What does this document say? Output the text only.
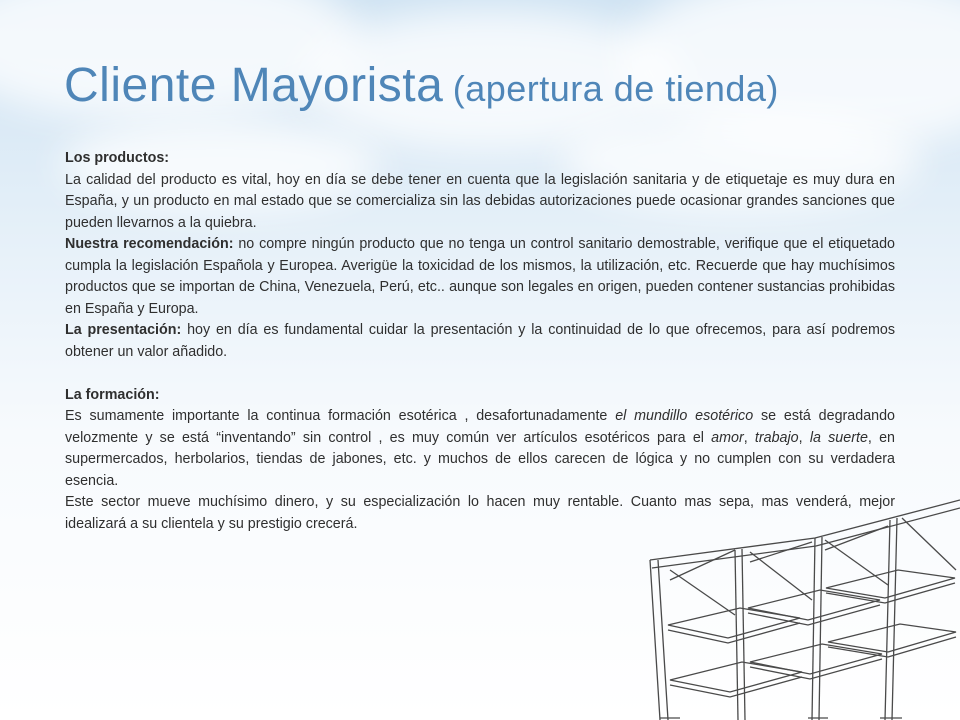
Cliente Mayorista (apertura de tienda)

Los productos:

La calidad del producto es vital, hoy en día se debe tener en cuenta que la legislación sanitaria y de etiquetaje es muy dura en España, y un producto en mal estado que se comercializa sin las debidas autorizaciones puede ocasionar grandes sanciones que pueden llevarnos a la quiebra.

Nuestra recomendación: no compre ningún producto que no tenga un control sanitario demostrable, verifique que el etiquetado cumpla la legislación Española y Europea. Averigüe la toxicidad de los mismos, la utilización, etc. Recuerde que hay muchísimos productos que se importan de China, Venezuela, Perú, etc.. aunque son legales en origen, pueden contener sustancias prohibidas en España y Europa.

La presentación: hoy en día es fundamental cuidar la presentación y la continuidad de lo que ofrecemos, para así podremos obtener un valor añadido.

La formación:

Es sumamente importante la continua formación esotérica , desafortunadamente el mundillo esotérico se está degradando velozmente y se está “inventando” sin control , es muy común ver artículos esotéricos para el amor, trabajo, la suerte, en supermercados, herbolarios, tiendas de jabones, etc. y muchos de ellos carecen de lógica y no cumplen con su verdadera esencia.

Este sector mueve muchísimo dinero, y su especialización lo hacen muy rentable. Cuanto mas sepa, mas venderá, mejor idealizará a su clientela y su prestigio crecerá.
